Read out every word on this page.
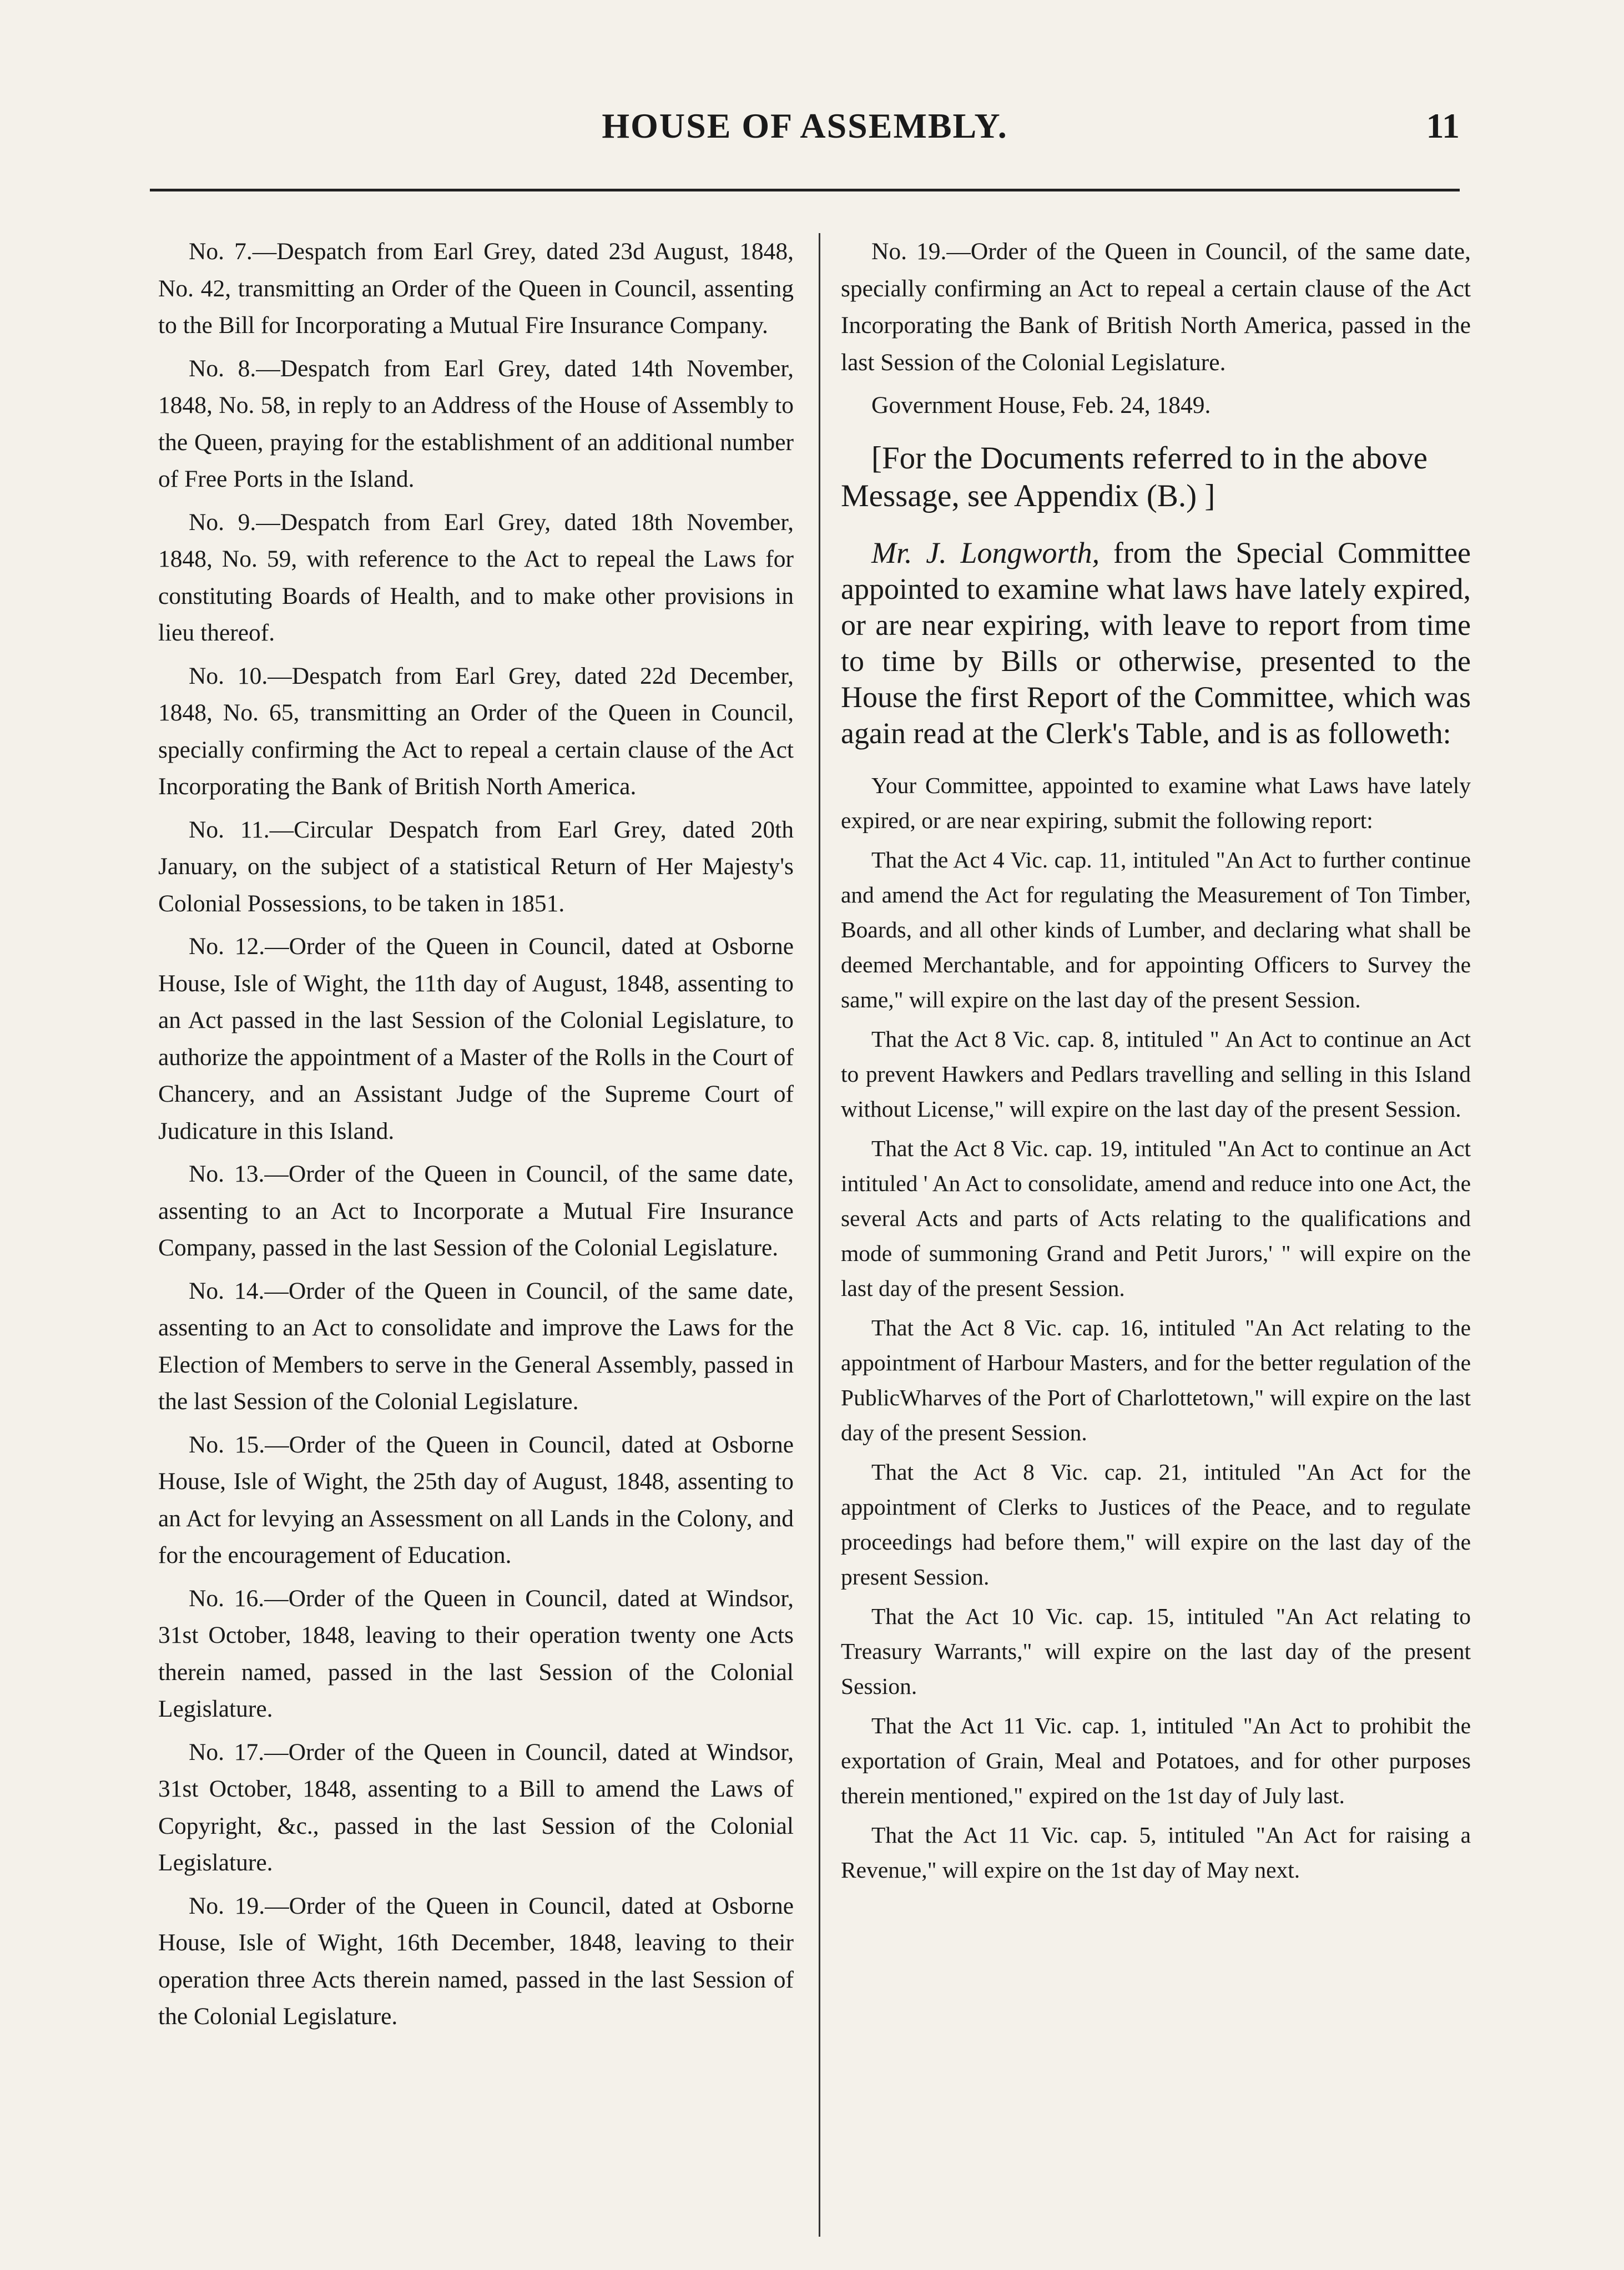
HOUSE OF ASSEMBLY.	11

No. 7.—Despatch from Earl Grey, dated 23d August, 1848, No. 42, transmitting an Order of the Queen in Council, assenting to the Bill for Incorporating a Mutual Fire Insurance Company.

No. 8.—Despatch from Earl Grey, dated 14th November, 1848, No. 58, in reply to an Address of the House of Assembly to the Queen, praying for the establishment of an additional number of Free Ports in the Island.

No. 9.—Despatch from Earl Grey, dated 18th November, 1848, No. 59, with reference to the Act to repeal the Laws for constituting Boards of Health, and to make other provisions in lieu thereof.

No. 10.—Despatch from Earl Grey, dated 22d December, 1848, No. 65, transmitting an Order of the Queen in Council, specially confirming the Act to repeal a certain clause of the Act Incorporating the Bank of British North America.

No. 11.—Circular Despatch from Earl Grey, dated 20th January, on the subject of a statistical Return of Her Majesty's Colonial Possessions, to be taken in 1851.

No. 12.—Order of the Queen in Council, dated at Osborne House, Isle of Wight, the 11th day of August, 1848, assenting to an Act passed in the last Session of the Colonial Legislature, to authorize the appointment of a Master of the Rolls in the Court of Chancery, and an Assistant Judge of the Supreme Court of Judicature in this Island.

No. 13.—Order of the Queen in Council, of the same date, assenting to an Act to Incorporate a Mutual Fire Insurance Company, passed in the last Session of the Colonial Legislature.

No. 14.—Order of the Queen in Council, of the same date, assenting to an Act to consolidate and improve the Laws for the Election of Members to serve in the General Assembly, passed in the last Session of the Colonial Legislature.

No. 15.—Order of the Queen in Council, dated at Osborne House, Isle of Wight, the 25th day of August, 1848, assenting to an Act for levying an Assessment on all Lands in the Colony, and for the encouragement of Education.

No. 16.—Order of the Queen in Council, dated at Windsor, 31st October, 1848, leaving to their operation twenty one Acts therein named, passed in the last Session of the Colonial Legislature.

No. 17.—Order of the Queen in Council, dated at Windsor, 31st October, 1848, assenting to a Bill to amend the Laws of Copyright, &c., passed in the last Session of the Colonial Legislature.

No. 19.—Order of the Queen in Council, dated at Osborne House, Isle of Wight, 16th December, 1848, leaving to their operation three Acts therein named, passed in the last Session of the Colonial Legislature.

No. 19.—Order of the Queen in Council, of the same date, specially confirming an Act to repeal a certain clause of the Act Incorporating the Bank of British North America, passed in the last Session of the Colonial Legislature.

Government House, Feb. 24, 1849.

[For the Documents referred to in the above Message, see Appendix (B.) ]

Mr. J. Longworth, from the Special Committee appointed to examine what laws have lately expired, or are near expiring, with leave to report from time to time by Bills or otherwise, presented to the House the first Report of the Committee, which was again read at the Clerk's Table, and is as followeth:

Your Committee, appointed to examine what Laws have lately expired, or are near expiring, submit the following report:

That the Act 4 Vic. cap. 11, intituled "An Act to further continue and amend the Act for regulating the Measurement of Ton Timber, Boards, and all other kinds of Lumber, and declaring what shall be deemed Merchantable, and for appointing Officers to Survey the same," will expire on the last day of the present Session.

That the Act 8 Vic. cap. 8, intituled " An Act to continue an Act to prevent Hawkers and Pedlars travelling and selling in this Island without License," will expire on the last day of the present Session.

That the Act 8 Vic. cap. 19, intituled "An Act to continue an Act intituled ' An Act to consolidate, amend and reduce into one Act, the several Acts and parts of Acts relating to the qualifications and mode of summoning Grand and Petit Jurors,' " will expire on the last day of the present Session.

That the Act 8 Vic. cap. 16, intituled "An Act relating to the appointment of Harbour Masters, and for the better regulation of the PublicWharves of the Port of Charlottetown," will expire on the last day of the present Session.

That the Act 8 Vic. cap. 21, intituled "An Act for the appointment of Clerks to Justices of the Peace, and to regulate proceedings had before them," will expire on the last day of the present Session.

That the Act 10 Vic. cap. 15, intituled "An Act relating to Treasury Warrants," will expire on the last day of the present Session.

That the Act 11 Vic. cap. 1, intituled "An Act to prohibit the exportation of Grain, Meal and Potatoes, and for other purposes therein mentioned," expired on the 1st day of July last.

That the Act 11 Vic. cap. 5, intituled "An Act for raising a Revenue," will expire on the 1st day of May next.
